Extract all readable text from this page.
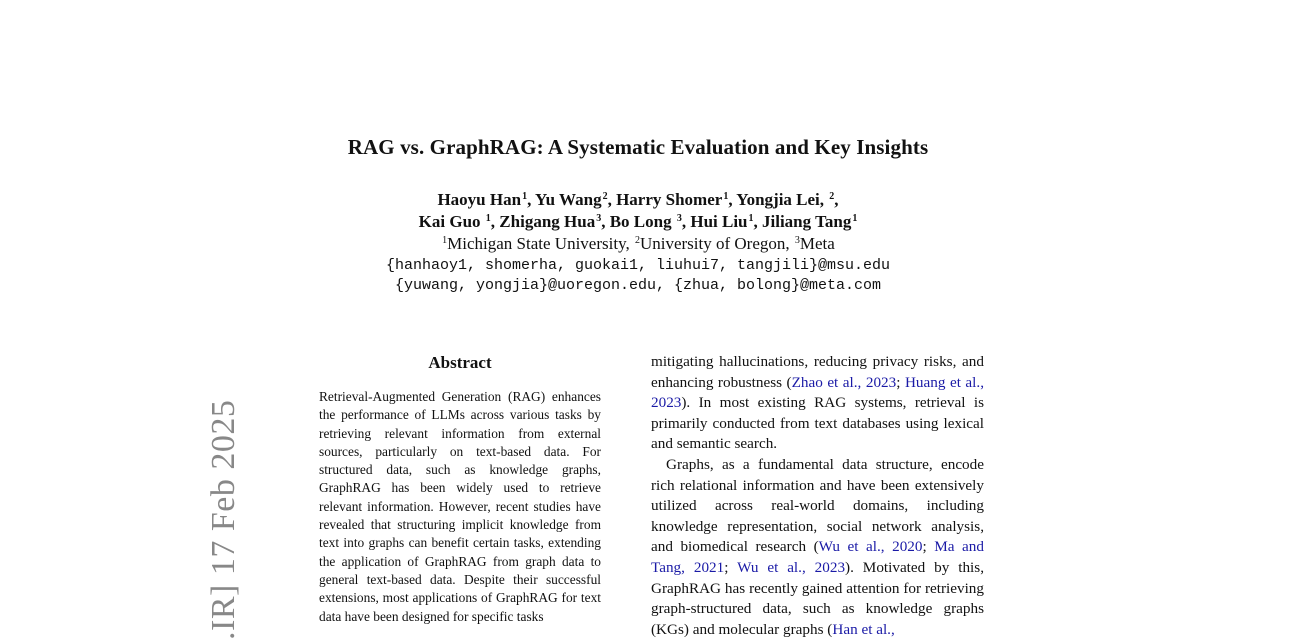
RAG vs. GraphRAG: A Systematic Evaluation and Key Insights
Haoyu Han$^1$, Yu Wang$^2$, Harry Shomer$^1$, Yongjia Lei, $^2$,
Kai Guo $^1$, Zhigang Hua$^3$, Bo Long $^3$, Hui Liu$^1$, Jiliang Tang$^1$
$^1$Michigan State University, $^2$University of Oregon, $^3$Meta
{hanhaoy1, shomerha, guokai1, liuhui7, tangjili}@msu.edu
{yuwang, yongjia}@uoregon.edu, {zhua, bolong}@meta.com
.IR] 17 Feb 2025
Abstract

Retrieval-Augmented Generation (RAG) enhances the performance of LLMs across various tasks by retrieving relevant information from external sources, particularly on text-based data. For structured data, such as knowledge graphs, GraphRAG has been widely used to retrieve relevant information. However, recent studies have revealed that structuring implicit knowledge from text into graphs can benefit certain tasks, extending the application of GraphRAG from graph data to general text-based data. Despite their successful extensions, most applications of GraphRAG for text data have been designed for specific tasks

mitigating hallucinations, reducing privacy risks, and enhancing robustness (Zhao et al., 2023; Huang et al., 2023). In most existing RAG systems, retrieval is primarily conducted from text databases using lexical and semantic search.

Graphs, as a fundamental data structure, encode rich relational information and have been extensively utilized across real-world domains, including knowledge representation, social network analysis, and biomedical research (Wu et al., 2020; Ma and Tang, 2021; Wu et al., 2023). Motivated by this, GraphRAG has recently gained attention for retrieving graph-structured data, such as knowledge graphs (KGs) and molecular graphs (Han et al.,
